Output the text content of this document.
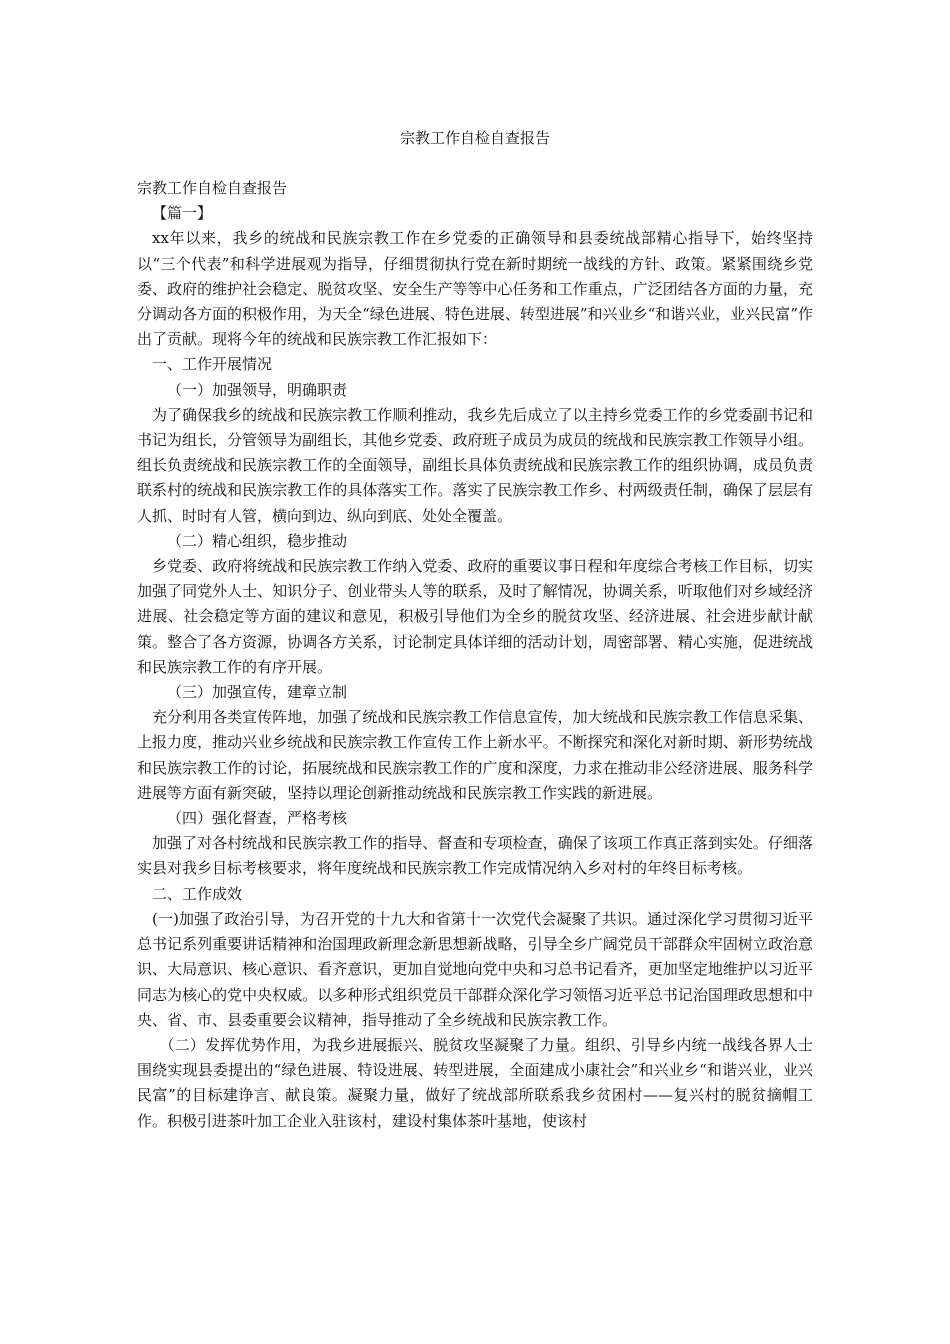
宗教工作自检自查报告

宗教工作自检自查报告

【篇一】

xx年以来，我乡的统战和民族宗教工作在乡党委的正确领导和县委统战部精心指导下，始终坚持以“三个代表”和科学进展观为指导，仔细贯彻执行党在新时期统一战线的方针、政策。紧紧围绕乡党委、政府的维护社会稳定、脱贫攻坚、安全生产等等中心任务和工作重点，广泛团结各方面的力量，充分调动各方面的积极作用，为天全“绿色进展、特色进展、转型进展”和兴业乡“和谐兴业，业兴民富”作出了贡献。现将今年的统战和民族宗教工作汇报如下：

一、工作开展情况

（一）加强领导，明确职责

为了确保我乡的统战和民族宗教工作顺利推动，我乡先后成立了以主持乡党委工作的乡党委副书记和书记为组长，分管领导为副组长，其他乡党委、政府班子成员为成员的统战和民族宗教工作领导小组。组长负责统战和民族宗教工作的全面领导，副组长具体负责统战和民族宗教工作的组织协调，成员负责联系村的统战和民族宗教工作的具体落实工作。落实了民族宗教工作乡、村两级责任制，确保了层层有人抓、时时有人管，横向到边、纵向到底、处处全覆盖。

（二）精心组织，稳步推动

乡党委、政府将统战和民族宗教工作纳入党委、政府的重要议事日程和年度综合考核工作目标，切实加强了同党外人士、知识分子、创业带头人等的联系，及时了解情况，协调关系，听取他们对乡域经济进展、社会稳定等方面的建议和意见，积极引导他们为全乡的脱贫攻坚、经济进展、社会进步献计献策。整合了各方资源，协调各方关系，讨论制定具体详细的活动计划，周密部署、精心实施，促进统战和民族宗教工作的有序开展。

（三）加强宣传，建章立制

充分利用各类宣传阵地，加强了统战和民族宗教工作信息宣传，加大统战和民族宗教工作信息采集、上报力度，推动兴业乡统战和民族宗教工作宣传工作上新水平。不断探究和深化对新时期、新形势统战和民族宗教工作的讨论，拓展统战和民族宗教工作的广度和深度，力求在推动非公经济进展、服务科学进展等方面有新突破，坚持以理论创新推动统战和民族宗教工作实践的新进展。

（四）强化督查，严格考核

加强了对各村统战和民族宗教工作的指导、督查和专项检查，确保了该项工作真正落到实处。仔细落实县对我乡目标考核要求，将年度统战和民族宗教工作完成情况纳入乡对村的年终目标考核。

二、工作成效

(一)加强了政治引导，为召开党的十九大和省第十一次党代会凝聚了共识。通过深化学习贯彻习近平总书记系列重要讲话精神和治国理政新理念新思想新战略，引导全乡广阔党员干部群众牢固树立政治意识、大局意识、核心意识、看齐意识，更加自觉地向党中央和习总书记看齐，更加坚定地维护以习近平同志为核心的党中央权威。以多种形式组织党员干部群众深化学习领悟习近平总书记治国理政思想和中央、省、市、县委重要会议精神，指导推动了全乡统战和民族宗教工作。

（二）发挥优势作用，为我乡进展振兴、脱贫攻坚凝聚了力量。组织、引导乡内统一战线各界人士围绕实现县委提出的“绿色进展、特设进展、转型进展，全面建成小康社会”和兴业乡“和谐兴业，业兴民富”的目标建诤言、献良策。凝聚力量，做好了统战部所联系我乡贫困村——复兴村的脱贫摘帽工作。积极引进茶叶加工企业入驻该村，建设村集体茶叶基地，使该村
